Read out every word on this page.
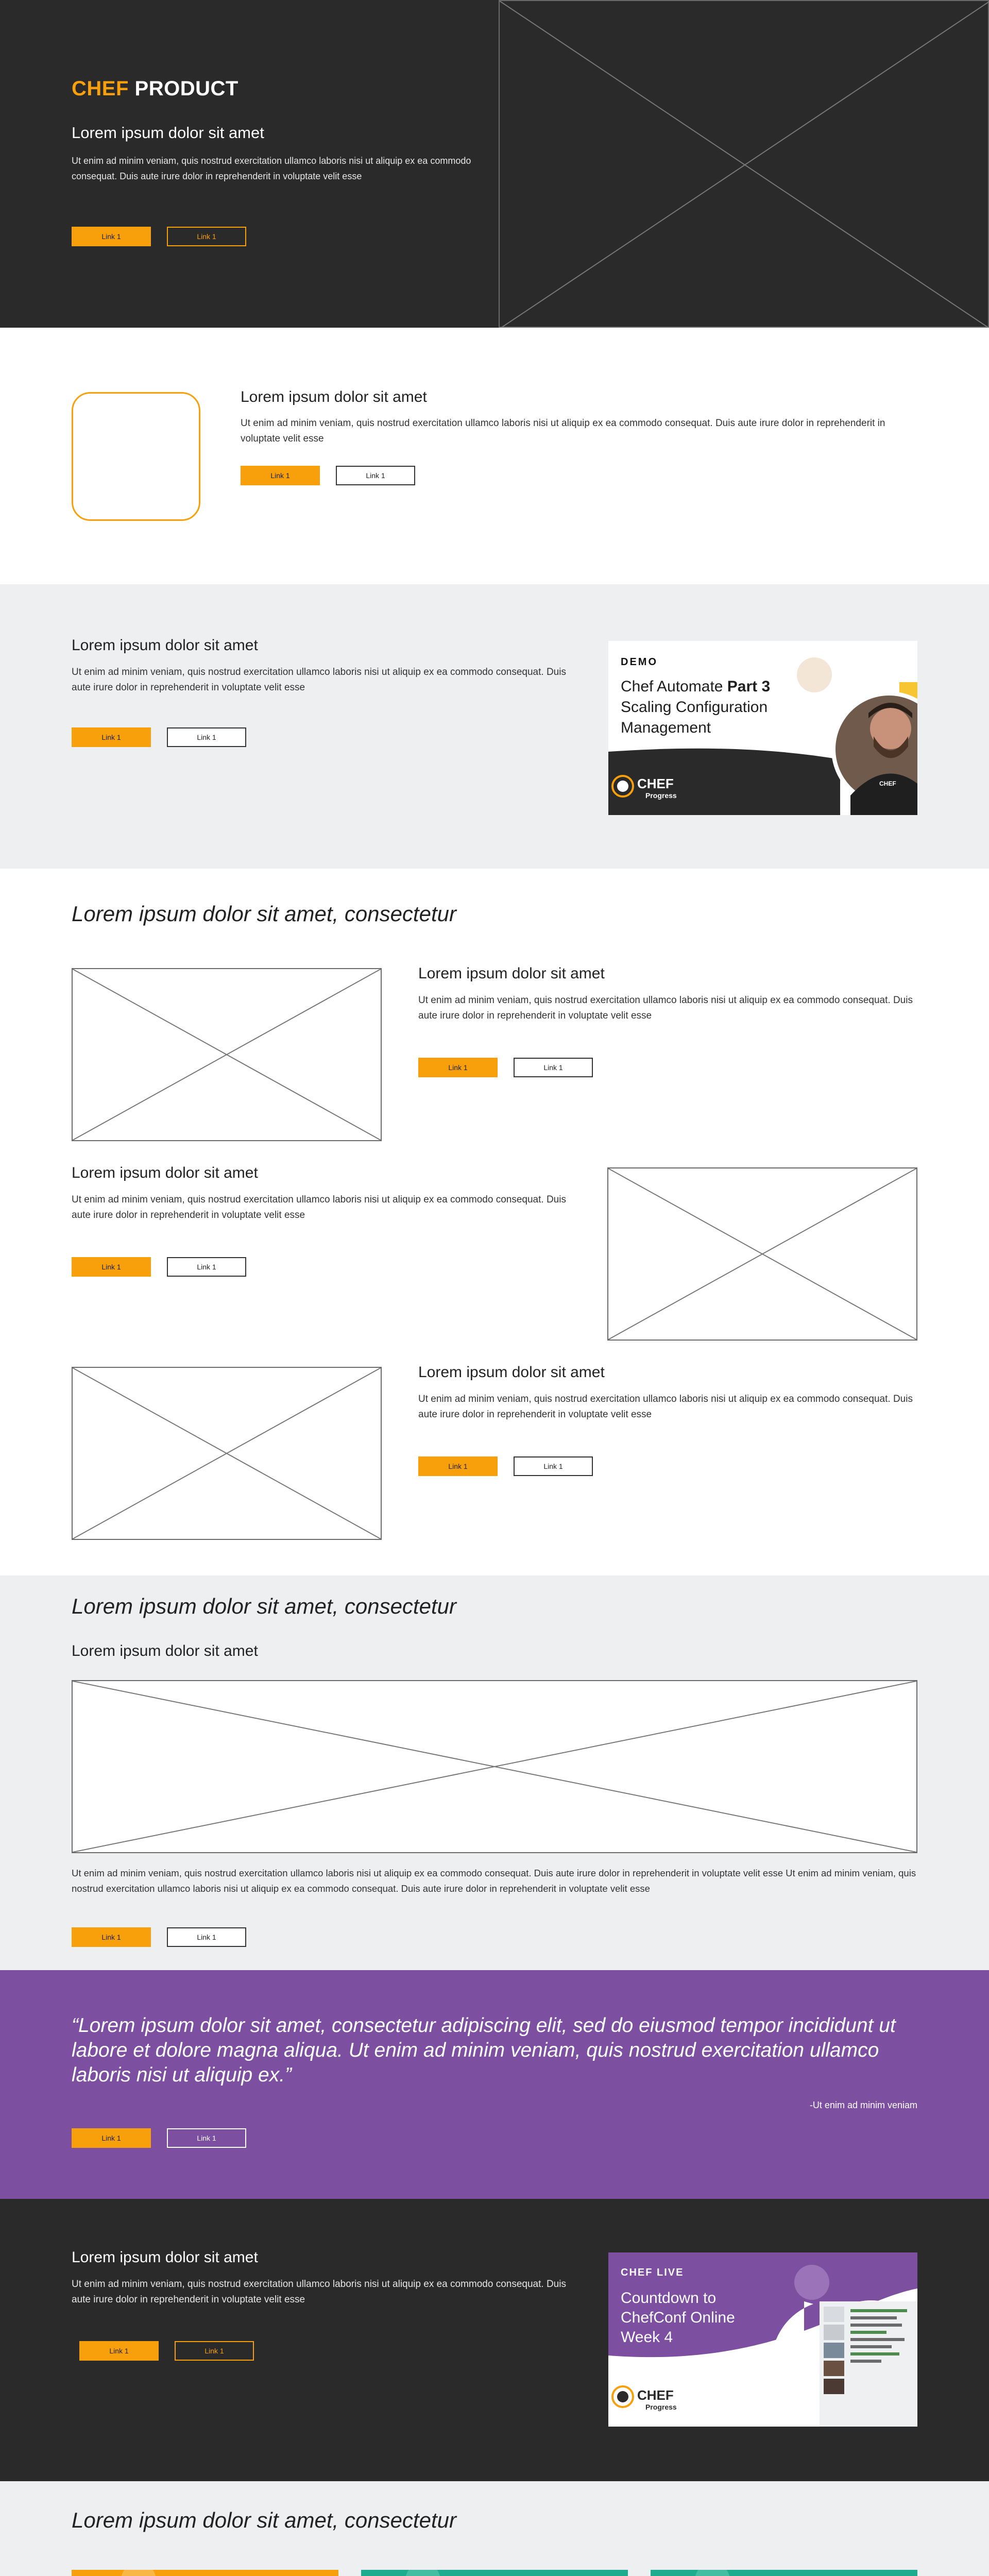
CHEF PRODUCT
Lorem ipsum dolor sit amet
Ut enim ad minim veniam, quis nostrud exercitation ullamco laboris nisi ut aliquip ex ea commodo consequat. Duis aute irure dolor in reprehenderit in voluptate velit esse
Link 1	Link 1
Lorem ipsum dolor sit amet
Ut enim ad minim veniam, quis nostrud exercitation ullamco laboris nisi ut aliquip ex ea commodo consequat. Duis aute irure dolor in reprehenderit in voluptate velit esse
Link 1	Link 1
Lorem ipsum dolor sit amet
Ut enim ad minim veniam, quis nostrud exercitation ullamco laboris nisi ut aliquip ex ea commodo consequat. Duis aute irure dolor in reprehenderit in voluptate velit esse
Link 1	Link 1
DEMO
Chef Automate Part 3
Scaling Configuration
Management
CHEF
Progress
CHEF
Lorem ipsum dolor sit amet, consectetur
Lorem ipsum dolor sit amet
Ut enim ad minim veniam, quis nostrud exercitation ullamco laboris nisi ut aliquip ex ea commodo consequat. Duis aute irure dolor in reprehenderit in voluptate velit esse
Link 1	Link 1
Lorem ipsum dolor sit amet
Ut enim ad minim veniam, quis nostrud exercitation ullamco laboris nisi ut aliquip ex ea commodo consequat. Duis aute irure dolor in reprehenderit in voluptate velit esse
Link 1	Link 1
Lorem ipsum dolor sit amet
Ut enim ad minim veniam, quis nostrud exercitation ullamco laboris nisi ut aliquip ex ea commodo consequat. Duis aute irure dolor in reprehenderit in voluptate velit esse
Link 1	Link 1
Lorem ipsum dolor sit amet, consectetur
Lorem ipsum dolor sit amet
Ut enim ad minim veniam, quis nostrud exercitation ullamco laboris nisi ut aliquip ex ea commodo consequat. Duis aute irure dolor in reprehenderit in voluptate velit esse Ut enim ad minim veniam, quis nostrud exercitation ullamco laboris nisi ut aliquip ex ea commodo consequat. Duis aute irure dolor in reprehenderit in voluptate velit esse
Link 1	Link 1
“Lorem ipsum dolor sit amet, consectetur adipiscing elit, sed do eiusmod tempor incididunt ut labore et dolore magna aliqua. Ut enim ad minim veniam, quis nostrud exercitation ullamco laboris nisi ut aliquip ex.”
-Ut enim ad minim veniam
Link 1	Link 1
Lorem ipsum dolor sit amet
Ut enim ad minim veniam, quis nostrud exercitation ullamco laboris nisi ut aliquip ex ea commodo consequat. Duis aute irure dolor in reprehenderit in voluptate velit esse
Link 1	Link 1
CHEF LIVE
Countdown to
ChefConf Online
Week 4
CHEF
Progress
Lorem ipsum dolor sit amet, consectetur
